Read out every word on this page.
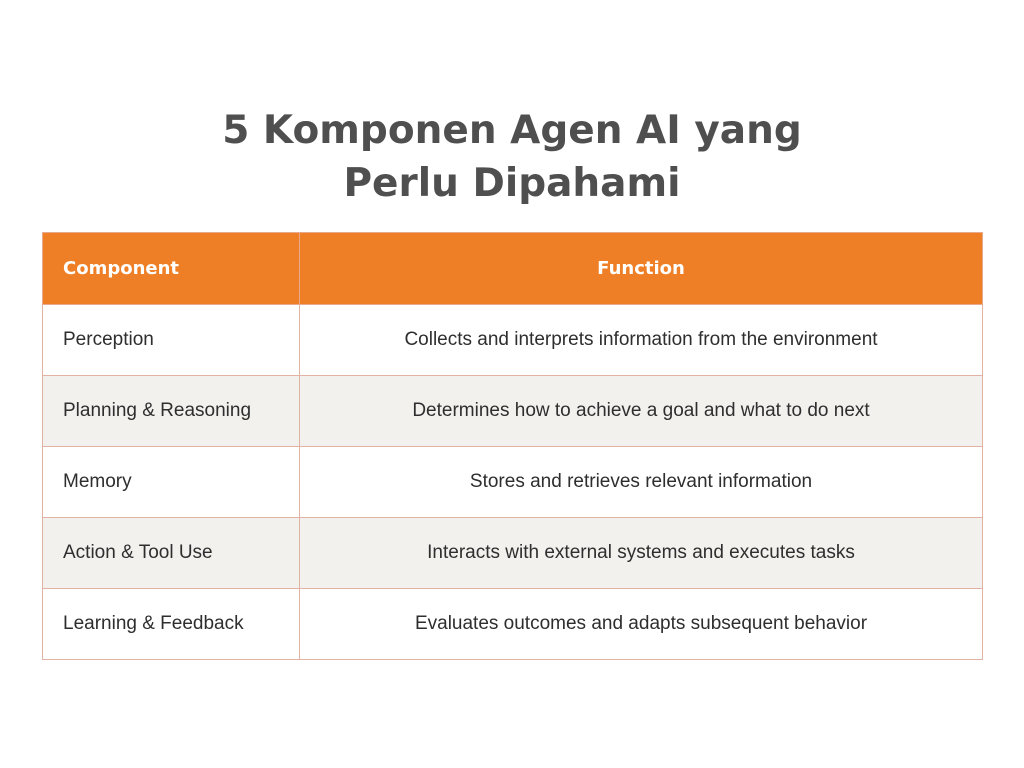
5 Komponen Agen AI yang
Perlu Dipahami
Component	Function
Perception	Collects and interprets information from the environment
Planning & Reasoning	Determines how to achieve a goal and what to do next
Memory	Stores and retrieves relevant information
Action & Tool Use	Interacts with external systems and executes tasks
Learning & Feedback	Evaluates outcomes and adapts subsequent behavior
